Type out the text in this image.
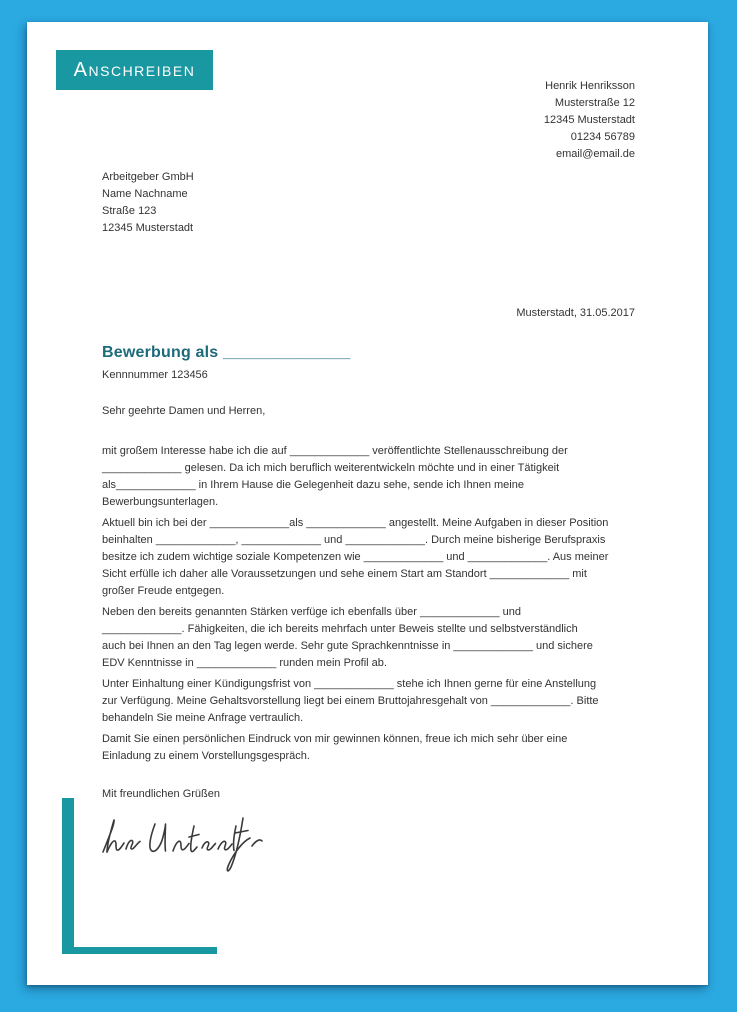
Anschreiben
Henrik Henriksson
Musterstraße 12
12345 Musterstadt
01234 56789
email@email.de
Arbeitgeber GmbH
Name Nachname
Straße 123
12345 Musterstadt
Musterstadt, 31.05.2017
Bewerbung als ______________
Kennnummer 123456
Sehr geehrte Damen und Herren,
mit großem Interesse habe ich die auf _____________ veröffentlichte Stellenausschreibung der
_____________ gelesen. Da ich mich beruflich weiterentwickeln möchte und in einer Tätigkeit
als_____________ in Ihrem Hause die Gelegenheit dazu sehe, sende ich Ihnen meine
Bewerbungsunterlagen.
Aktuell bin ich bei der _____________als _____________ angestellt. Meine Aufgaben in dieser Position
beinhalten _____________, _____________ und _____________. Durch meine bisherige Berufspraxis
besitze ich zudem wichtige soziale Kompetenzen wie _____________ und _____________. Aus meiner
Sicht erfülle ich daher alle Voraussetzungen und sehe einem Start am Standort _____________ mit
großer Freude entgegen.
Neben den bereits genannten Stärken verfüge ich ebenfalls über _____________ und
_____________. Fähigkeiten, die ich bereits mehrfach unter Beweis stellte und selbstverständlich
auch bei Ihnen an den Tag legen werde. Sehr gute Sprachkenntnisse in _____________ und sichere
EDV Kenntnisse in _____________ runden mein Profil ab.
Unter Einhaltung einer Kündigungsfrist von _____________ stehe ich Ihnen gerne für eine Anstellung
zur Verfügung. Meine Gehaltsvorstellung liegt bei einem Bruttojahresgehalt von _____________. Bitte
behandeln Sie meine Anfrage vertraulich.
Damit Sie einen persönlichen Eindruck von mir gewinnen können, freue ich mich sehr über eine
Einladung zu einem Vorstellungsgespräch.
Mit freundlichen Grüßen
